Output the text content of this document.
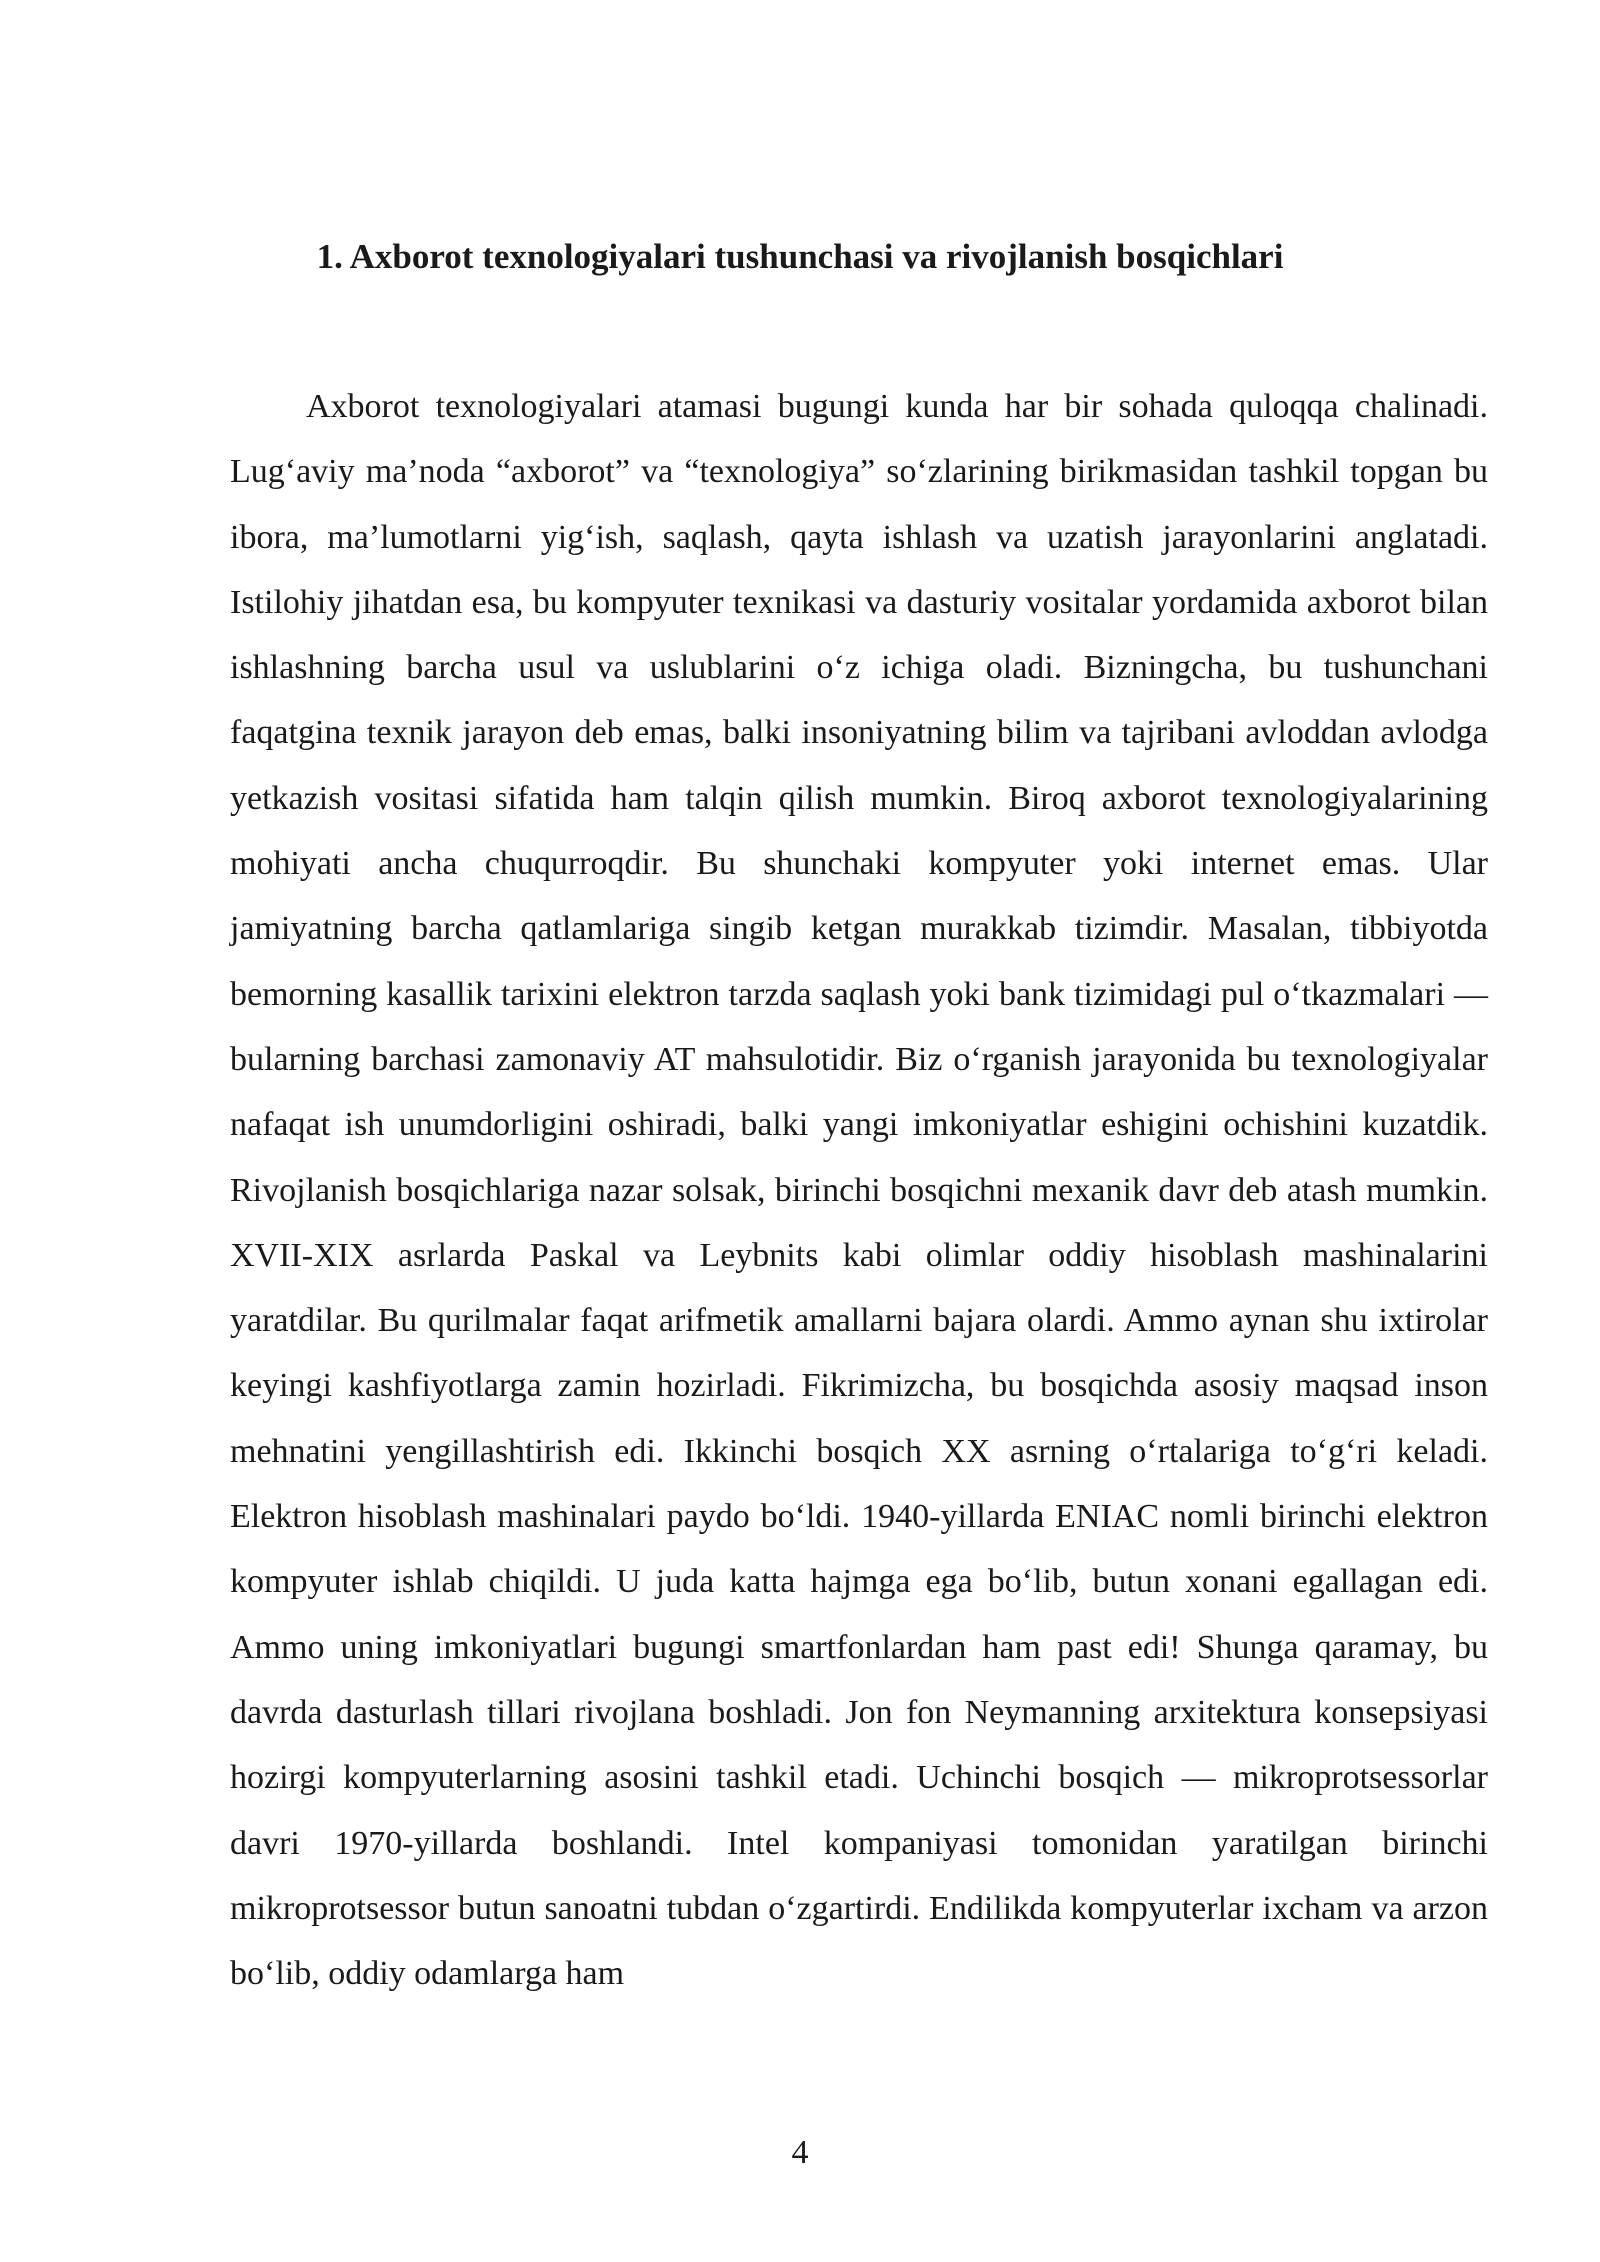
1. Axborot texnologiyalari tushunchasi va rivojlanish bosqichlari

Axborot texnologiyalari atamasi bugungi kunda har bir sohada quloqqa chalinadi. Lug‘aviy ma’noda “axborot” va “texnologiya” so‘zlarining birikmasidan tashkil topgan bu ibora, ma’lumotlarni yig‘ish, saqlash, qayta ishlash va uzatish jarayonlarini anglatadi. Istilohiy jihatdan esa, bu kompyuter texnikasi va dasturiy vositalar yordamida axborot bilan ishlashning barcha usul va uslublarini o‘z ichiga oladi. Bizningcha, bu tushunchani faqatgina texnik jarayon deb emas, balki insoniyatning bilim va tajribani avloddan avlodga yetkazish vositasi sifatida ham talqin qilish mumkin. Biroq axborot texnologiyalarining mohiyati ancha chuqurroqdir. Bu shunchaki kompyuter yoki internet emas. Ular jamiyatning barcha qatlamlariga singib ketgan murakkab tizimdir. Masalan, tibbiyotda bemorning kasallik tarixini elektron tarzda saqlash yoki bank tizimidagi pul o‘tkazmalari — bularning barchasi zamonaviy AT mahsulotidir. Biz o‘rganish jarayonida bu texnologiyalar nafaqat ish unumdorligini oshiradi, balki yangi imkoniyatlar eshigini ochishini kuzatdik. Rivojlanish bosqichlariga nazar solsak, birinchi bosqichni mexanik davr deb atash mumkin. XVII-XIX asrlarda Paskal va Leybnits kabi olimlar oddiy hisoblash mashinalarini yaratdilar. Bu qurilmalar faqat arifmetik amallarni bajara olardi. Ammo aynan shu ixtirolar keyingi kashfiyotlarga zamin hozirladi. Fikrimizcha, bu bosqichda asosiy maqsad inson mehnatini yengillashtirish edi. Ikkinchi bosqich XX asrning o‘rtalariga to‘g‘ri keladi. Elektron hisoblash mashinalari paydo bo‘ldi. 1940-yillarda ENIAC nomli birinchi elektron kompyuter ishlab chiqildi. U juda katta hajmga ega bo‘lib, butun xonani egallagan edi. Ammo uning imkoniyatlari bugungi smartfonlardan ham past edi! Shunga qaramay, bu davrda dasturlash tillari rivojlana boshladi. Jon fon Neymanning arxitektura konsepsiyasi hozirgi kompyuterlarning asosini tashkil etadi. Uchinchi bosqich — mikroprotsessorlar davri 1970-yillarda boshlandi. Intel kompaniyasi tomonidan yaratilgan birinchi mikroprotsessor butun sanoatni tubdan o‘zgartirdi. Endilikda kompyuterlar ixcham va arzon bo‘lib, oddiy odamlarga ham

4
